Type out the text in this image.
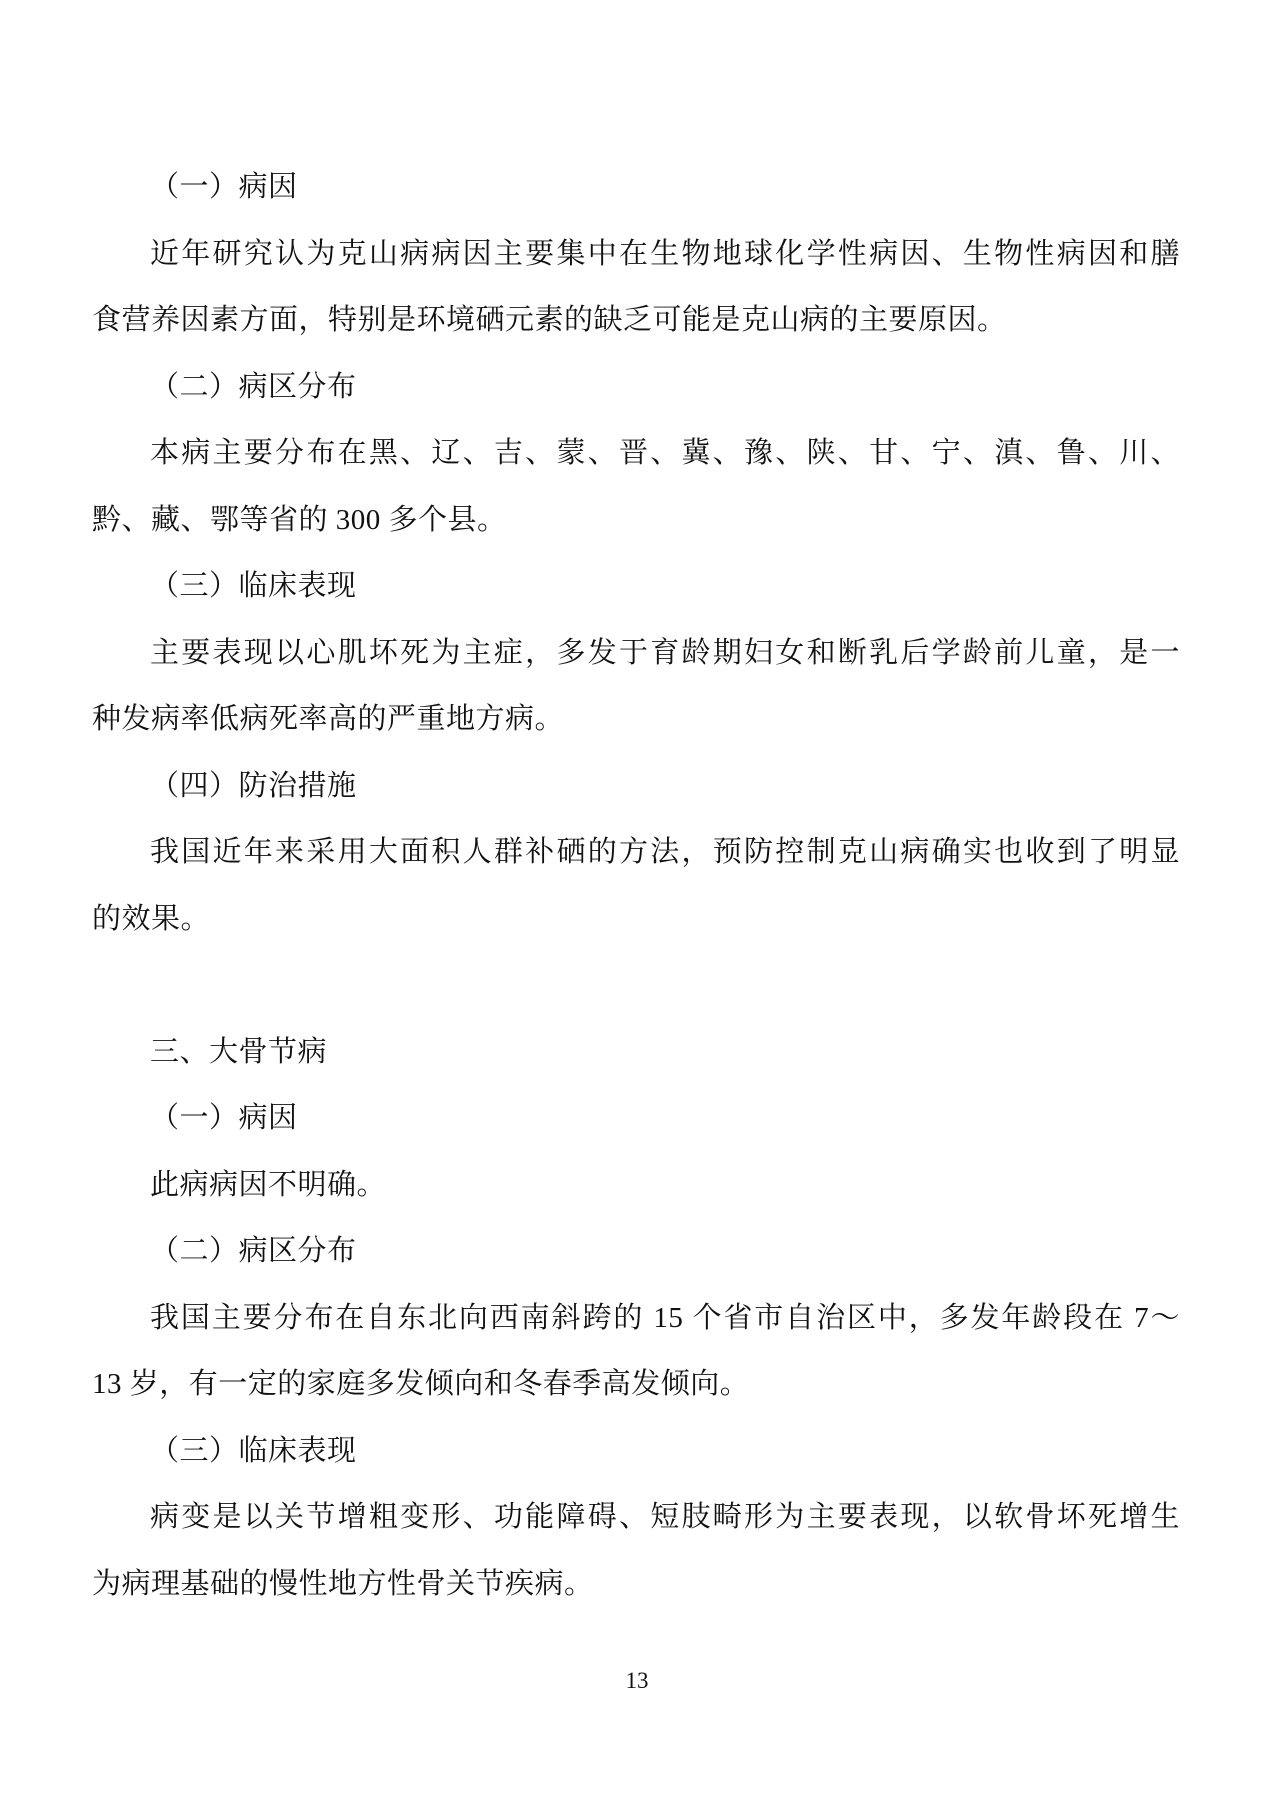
（一）病因
近年研究认为克山病病因主要集中在生物地球化学性病因、生物性病因和膳
食营养因素方面，特别是环境硒元素的缺乏可能是克山病的主要原因。
（二）病区分布
本病主要分布在黑、辽、吉、蒙、晋、冀、豫、陕、甘、宁、滇、鲁、川、
黔、藏、鄂等省的 300 多个县。
（三）临床表现
主要表现以心肌坏死为主症，多发于育龄期妇女和断乳后学龄前儿童，是一
种发病率低病死率高的严重地方病。
（四）防治措施
我国近年来采用大面积人群补硒的方法，预防控制克山病确实也收到了明显
的效果。

三、大骨节病
（一）病因
此病病因不明确。
（二）病区分布
我国主要分布在自东北向西南斜跨的 15 个省市自治区中，多发年龄段在 7～
13 岁，有一定的家庭多发倾向和冬春季高发倾向。
（三）临床表现
病变是以关节增粗变形、功能障碍、短肢畸形为主要表现，以软骨坏死增生
为病理基础的慢性地方性骨关节疾病。
13
